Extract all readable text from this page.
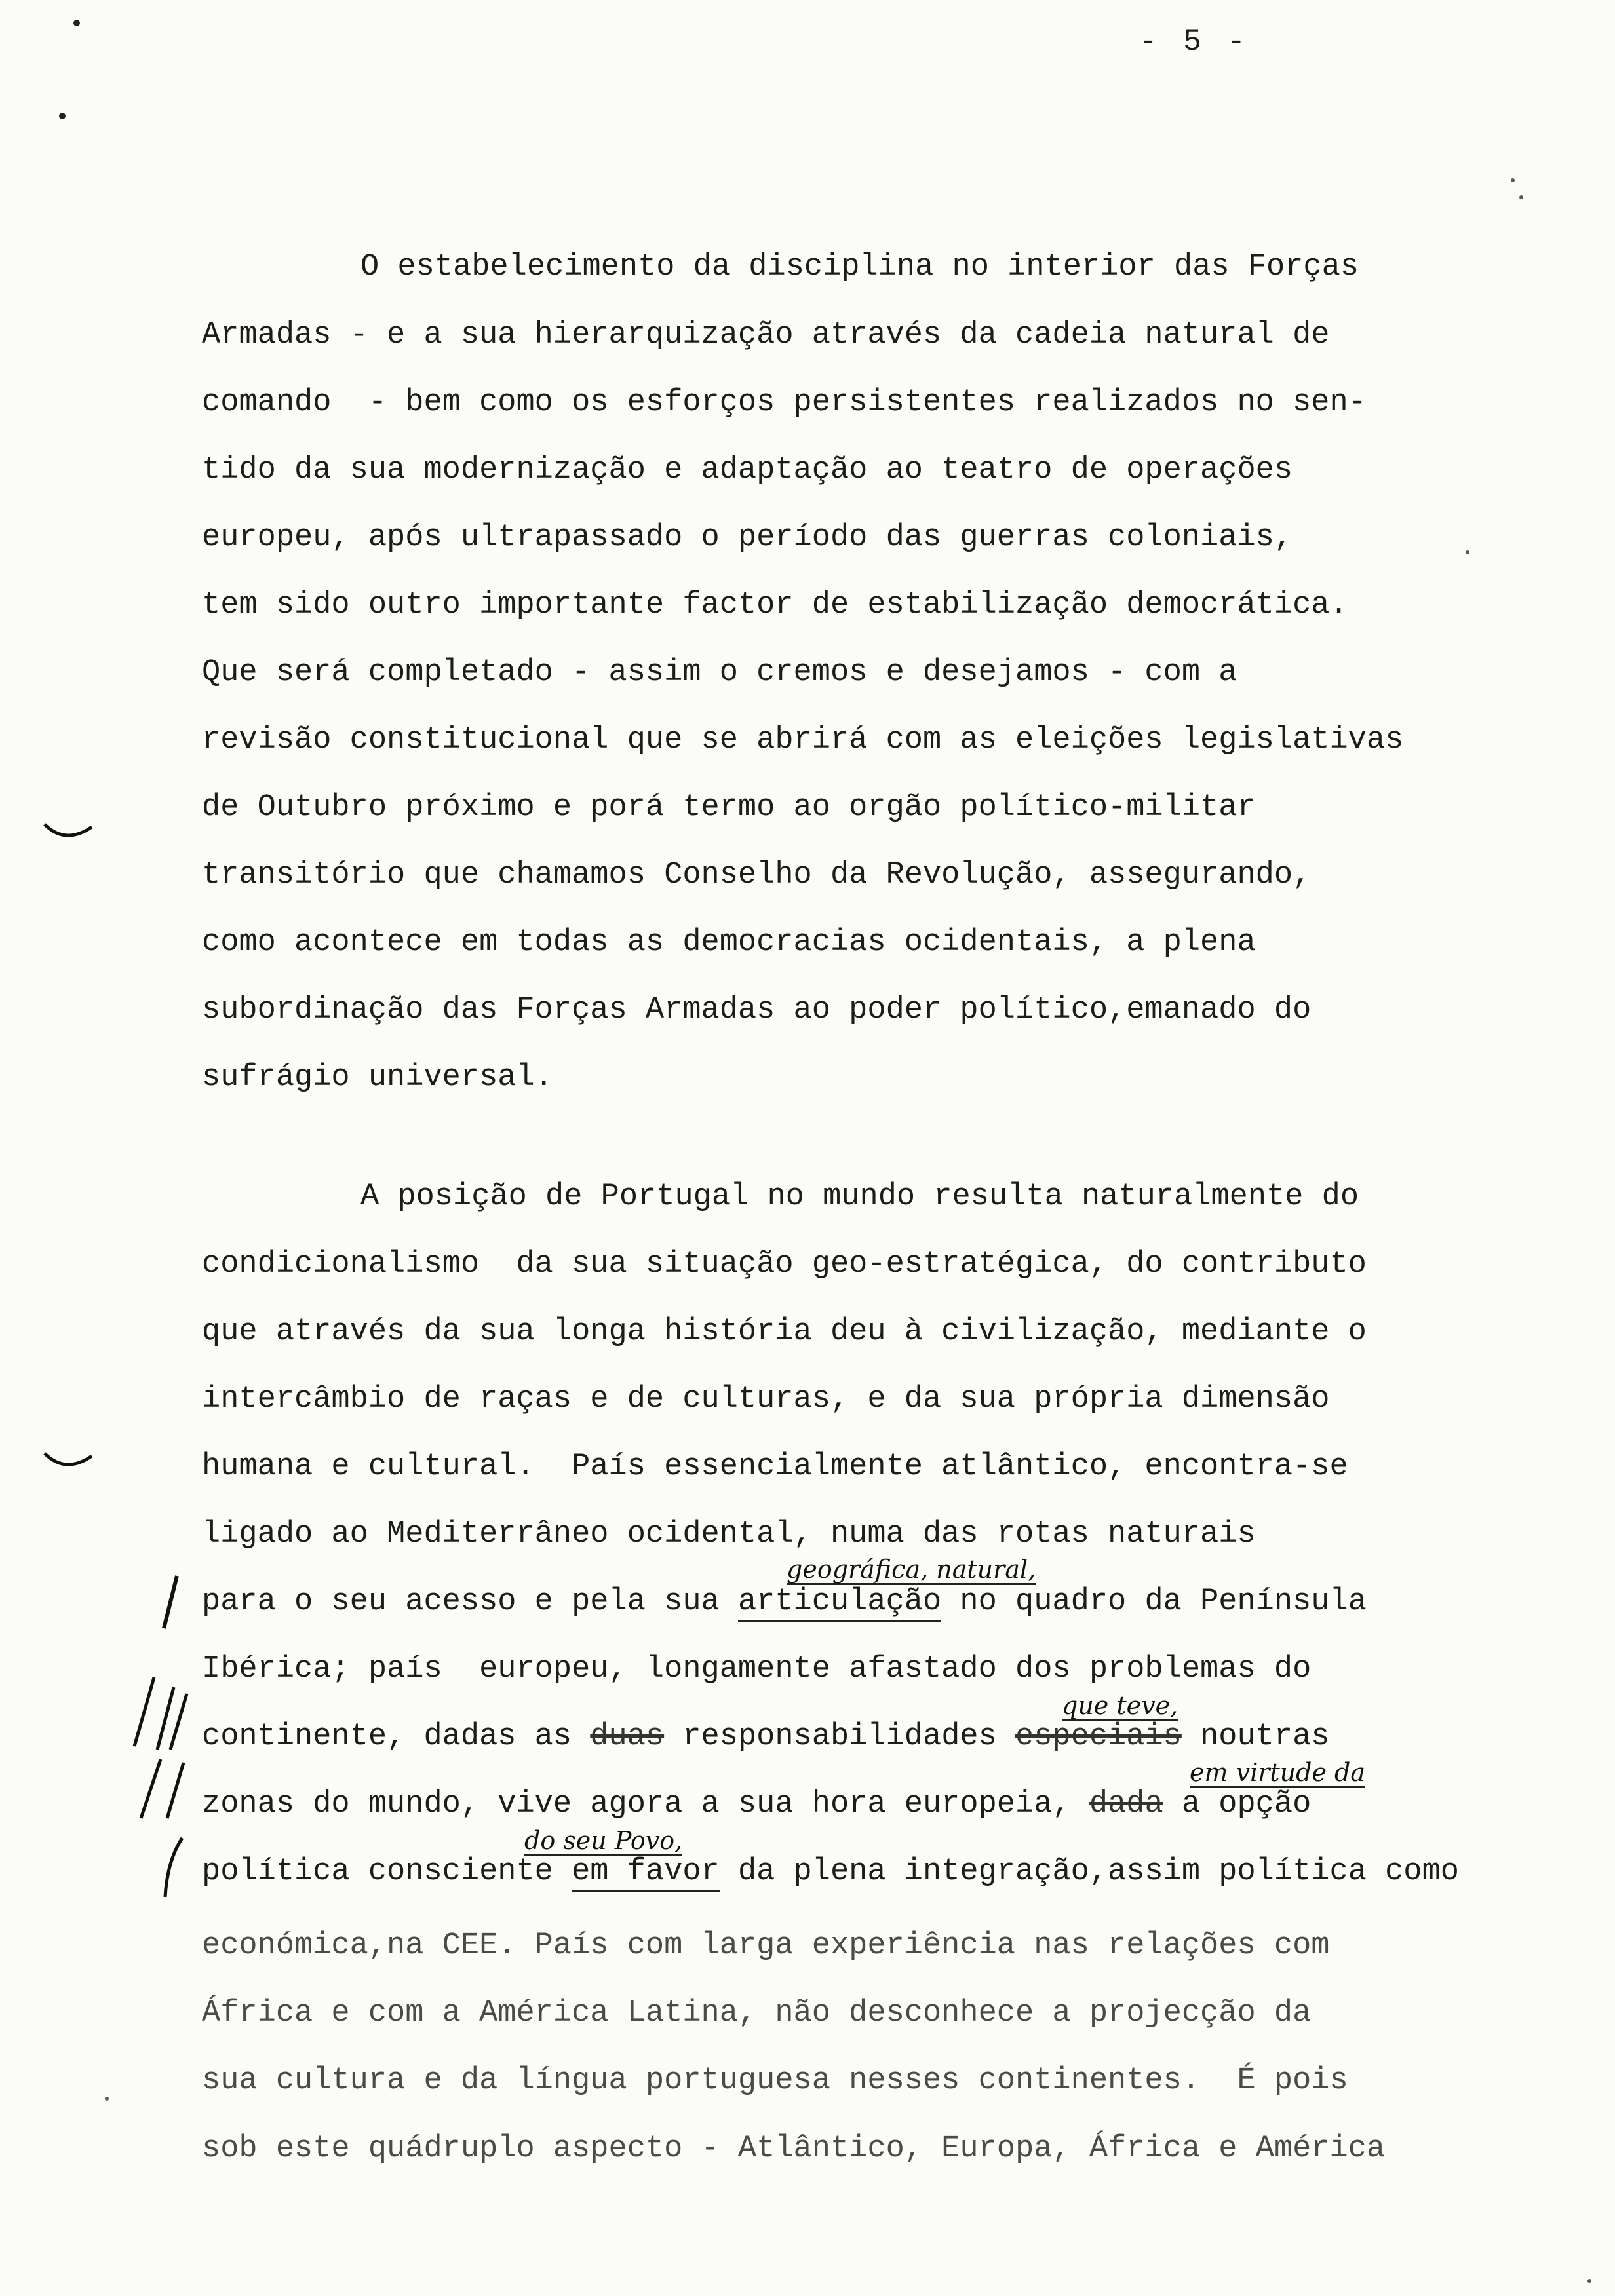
- 5 -
O estabelecimento da disciplina no interior das Forças
Armadas - e a sua hierarquização através da cadeia natural de
comando  - bem como os esforços persistentes realizados no sen-
tido da sua modernização e adaptação ao teatro de operações
europeu, após ultrapassado o período das guerras coloniais,
tem sido outro importante factor de estabilização democrática.
Que será completado - assim o cremos e desejamos - com a
revisão constitucional que se abrirá com as eleições legislativas
de Outubro próximo e porá termo ao orgão político-militar
transitório que chamamos Conselho da Revolução, assegurando,
como acontece em todas as democracias ocidentais, a plena
subordinação das Forças Armadas ao poder político,emanado do
sufrágio universal.
A posição de Portugal no mundo resulta naturalmente do
condicionalismo  da sua situação geo-estratégica, do contributo
que através da sua longa história deu à civilização, mediante o
intercâmbio de raças e de culturas, e da sua própria dimensão
humana e cultural.  País essencialmente atlântico, encontra-se
ligado ao Mediterrâneo ocidental, numa das rotas naturais
para o seu acesso e pela sua articulação no quadro da Península
Ibérica; país  europeu, longamente afastado dos problemas do
continente, dadas as duas responsabilidades especiais noutras
zonas do mundo, vive agora a sua hora europeia, dada a opção
política consciente em favor da plena integração,assim política como
económica,na CEE. País com larga experiência nas relações com
África e com a América Latina, não desconhece a projecção da
sua cultura e da língua portuguesa nesses continentes.  É pois
sob este quádruplo aspecto - Atlântico, Europa, África e América
geográfica, natural,
que teve,
em virtude da
do seu Povo,
